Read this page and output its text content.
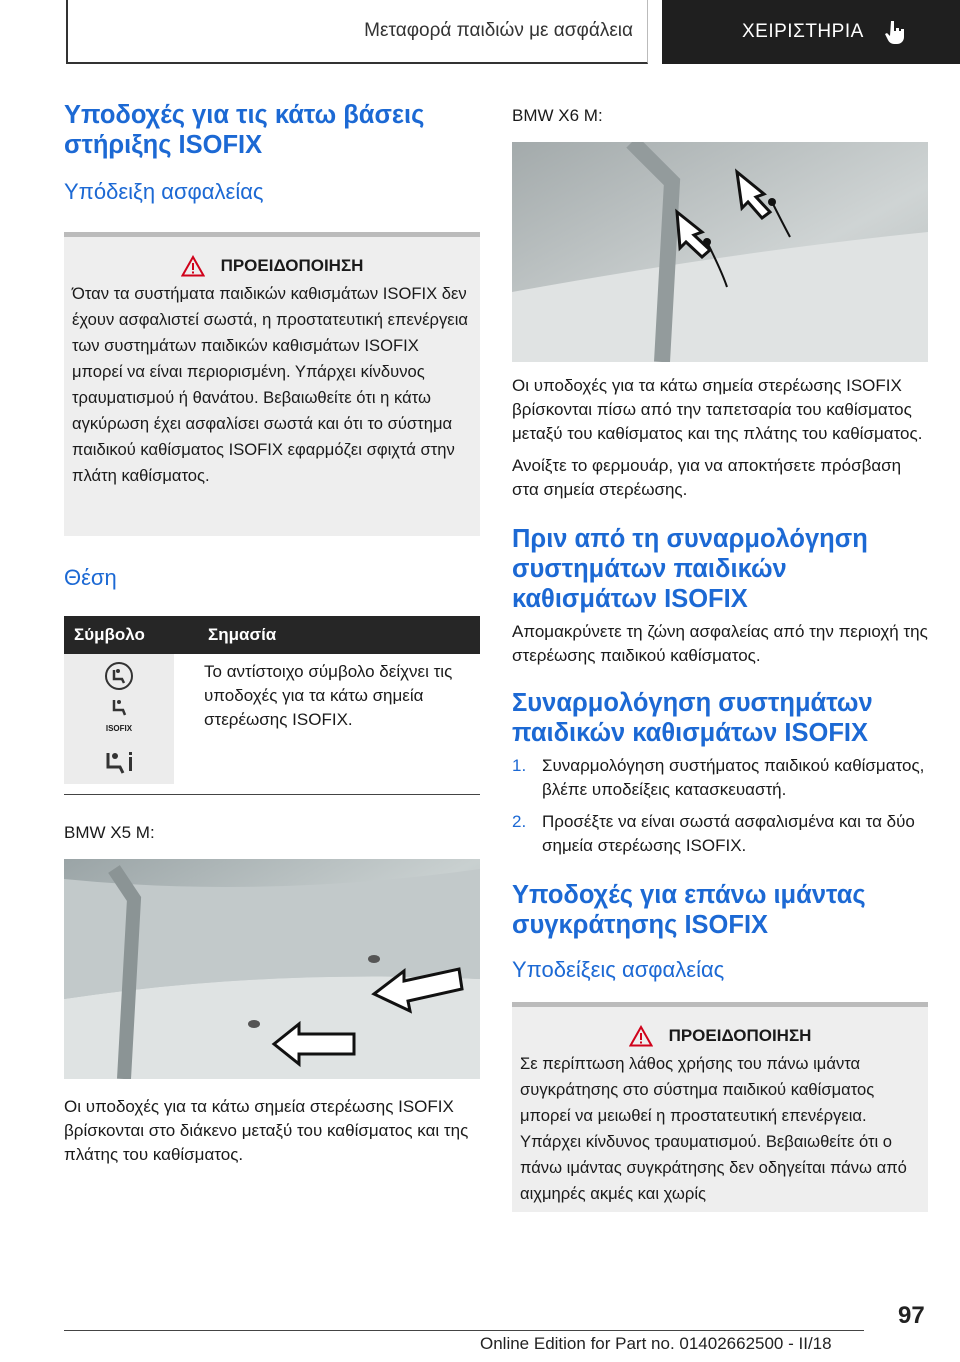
Μεταφορά παιδιών με ασφάλεια	ΧΕΙΡΙΣΤΗΡΙΑ
Υποδοχές για τις κάτω βάσεις στήριξης ISOFIX
Υπόδειξη ασφαλείας
ΠΡΟΕΙΔΟΠΟΙΗΣΗ

Όταν τα συστήματα παιδικών καθισμάτων ISOFIX δεν έχουν ασφαλιστεί σωστά, η προστατευτική επενέργεια των συστημάτων παιδικών καθισμάτων ISOFIX μπορεί να είναι περιορισμένη. Υπάρχει κίνδυνος τραυματισμού ή θανάτου. Βεβαιωθείτε ότι η κάτω αγκύρωση έχει ασφαλίσει σωστά και ότι το σύστημα παιδικού καθίσματος ISOFIX εφαρμόζει σφιχτά στην πλάτη καθίσματος.

Θέση
Σύμβολο	Σημασία

ISOFIX	Το αντίστοιχο σύμβολο δείχνει τις υποδοχές για τα κάτω σημεία στερέωσης ISOFIX.

BMW X5 M:

Οι υποδοχές για τα κάτω σημεία στερέωσης ISOFIX βρίσκονται στο διάκενο μεταξύ του καθίσματος και της πλάτης του καθίσματος.

BMW X6 M:

Οι υποδοχές για τα κάτω σημεία στερέωσης ISOFIX βρίσκονται πίσω από την ταπετσαρία του καθίσματος μεταξύ του καθίσματος και της πλάτης του καθίσματος.

Ανοίξτε το φερμουάρ, για να αποκτήσετε πρόσβαση στα σημεία στερέωσης.

Πριν από τη συναρμολόγηση συστημάτων παιδικών καθισμάτων ISOFIX

Απομακρύνετε τη ζώνη ασφαλείας από την περιοχή της στερέωσης παιδικού καθίσματος.

Συναρμολόγηση συστημάτων παιδικών καθισμάτων ISOFIX
1. Συναρμολόγηση συστήματος παιδικού καθίσματος, βλέπε υποδείξεις κατασκευαστή.
2. Προσέξτε να είναι σωστά ασφαλισμένα και τα δύο σημεία στερέωσης ISOFIX.
Υποδοχές για επάνω ιμάντας συγκράτησης ISOFIX
Υποδείξεις ασφαλείας
ΠΡΟΕΙΔΟΠΟΙΗΣΗ

Σε περίπτωση λάθος χρήσης του πάνω ιμάντα συγκράτησης στο σύστημα παιδικού καθίσματος μπορεί να μειωθεί η προστατευτική επενέργεια. Υπάρχει κίνδυνος τραυματισμού. Βεβαιωθείτε ότι ο πάνω ιμάντας συγκράτησης δεν οδηγείται πάνω από αιχμηρές ακμές και χωρίς

97
Online Edition for Part no. 01402662500 - II/18
